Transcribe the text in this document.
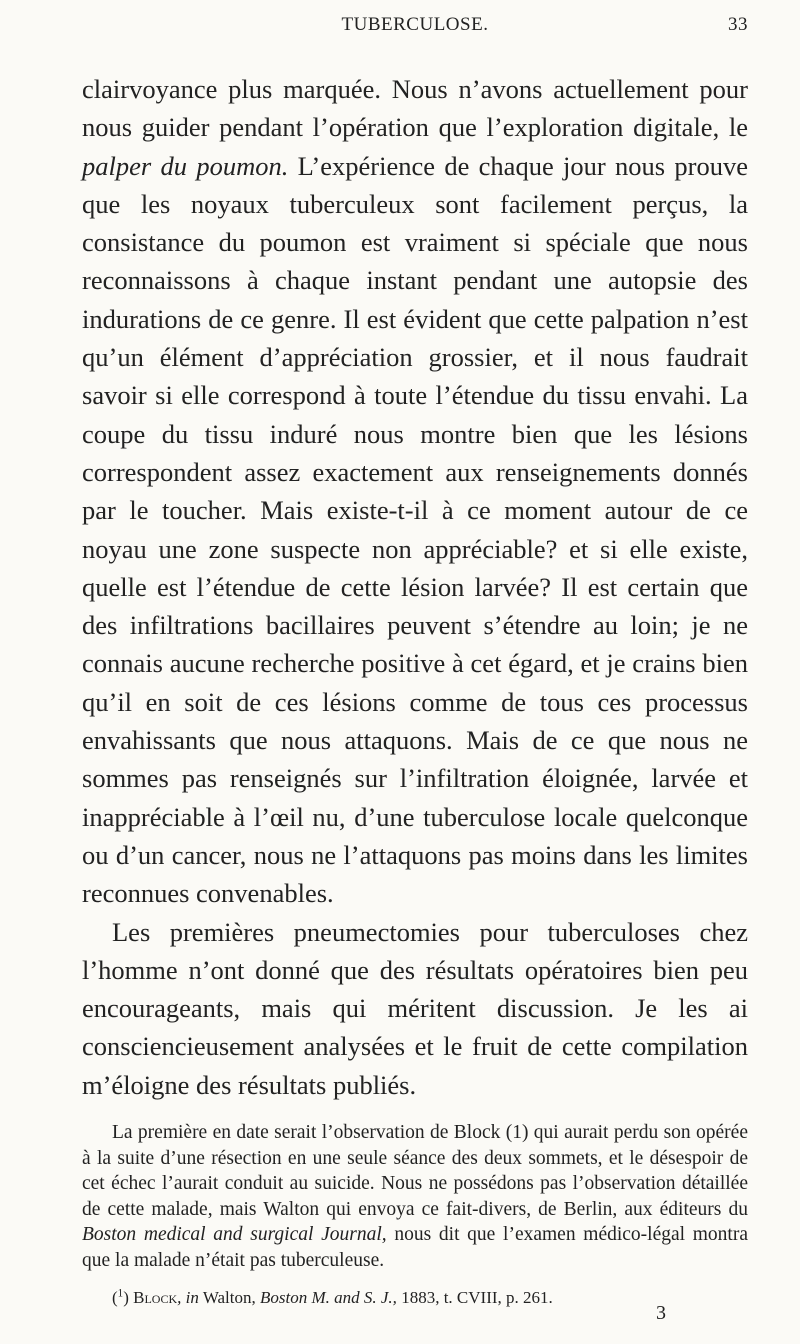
TUBERCULOSE.	33

clairvoyance plus marquée. Nous n’avons actuellement pour nous guider pendant l’opération que l’exploration digitale, le palper du poumon. L’expérience de chaque jour nous prouve que les noyaux tuberculeux sont facilement perçus, la consistance du poumon est vraiment si spéciale que nous reconnaissons à chaque instant pendant une autopsie des indurations de ce genre. Il est évident que cette palpation n’est qu’un élément d’appréciation grossier, et il nous faudrait savoir si elle correspond à toute l’étendue du tissu envahi. La coupe du tissu induré nous montre bien que les lésions correspondent assez exactement aux renseignements donnés par le toucher. Mais existe-t-il à ce moment autour de ce noyau une zone suspecte non appréciable? et si elle existe, quelle est l’étendue de cette lésion larvée? Il est certain que des infiltrations bacillaires peuvent s’étendre au loin; je ne connais aucune recherche positive à cet égard, et je crains bien qu’il en soit de ces lésions comme de tous ces processus envahissants que nous attaquons. Mais de ce que nous ne sommes pas renseignés sur l’infiltration éloignée, larvée et inappréciable à l’œil nu, d’une tuberculose locale quelconque ou d’un cancer, nous ne l’attaquons pas moins dans les limites reconnues convenables.

Les premières pneumectomies pour tuberculoses chez l’homme n’ont donné que des résultats opératoires bien peu encourageants, mais qui méritent discussion. Je les ai consciencieusement analysées et le fruit de cette compilation m’éloigne des résultats publiés.

La première en date serait l’observation de Block (1) qui aurait perdu son opérée à la suite d’une résection en une seule séance des deux sommets, et le désespoir de cet échec l’aurait conduit au suicide. Nous ne possédons pas l’observation détaillée de cette malade, mais Walton qui envoya ce fait-divers, de Berlin, aux éditeurs du Boston medical and surgical Journal, nous dit que l’examen médico-légal montra que la malade n’était pas tuberculeuse.
($^1$) Block, in Walton, Boston M. and S. J., 1883, t. CVIII, p. 261.
3
